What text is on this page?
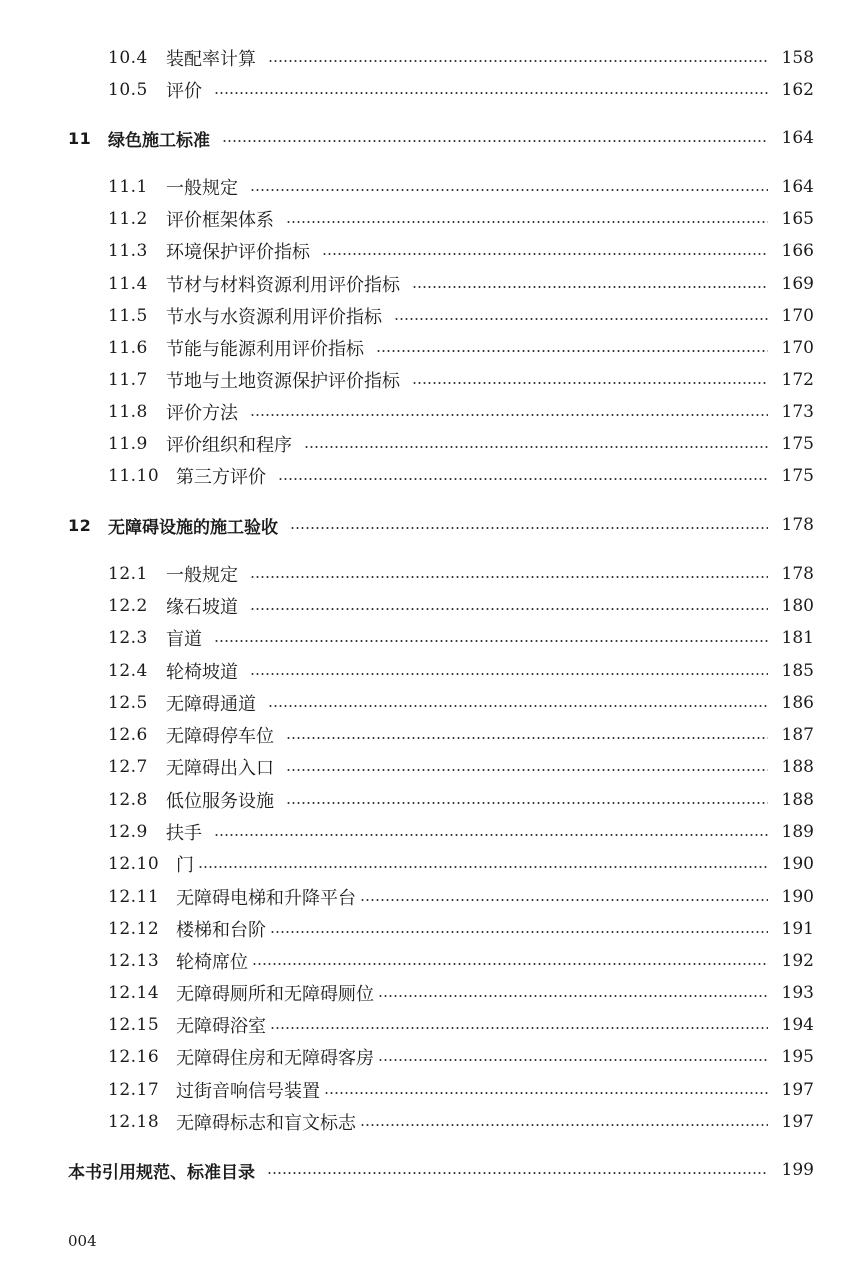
10.4	装配率计算	158
10.5	评价	162
11 绿色施工标准	164
11.1	一般规定	164
11.2	评价框架体系	165
11.3	环境保护评价指标	166
11.4	节材与材料资源利用评价指标	169
11.5	节水与水资源利用评价指标	170
11.6	节能与能源利用评价指标	170
11.7	节地与土地资源保护评价指标	172
11.8	评价方法	173
11.9	评价组织和程序	175
11.10 第三方评价	175
12 无障碍设施的施工验收	178
12.1	一般规定	178
12.2	缘石坡道	180
12.3	盲道	181
12.4	轮椅坡道	185
12.5	无障碍通道	186
12.6	无障碍停车位	187
12.7	无障碍出入口	188
12.8	低位服务设施	188
12.9	扶手	189
12.10 门	190
12.11 无障碍电梯和升降平台	190
12.12 楼梯和台阶	191
12.13 轮椅席位	192
12.14 无障碍厕所和无障碍厕位	193
12.15 无障碍浴室	194
12.16 无障碍住房和无障碍客房	195
12.17 过街音响信号装置	197
12.18 无障碍标志和盲文标志	197
本书引用规范、标准目录	199
004
